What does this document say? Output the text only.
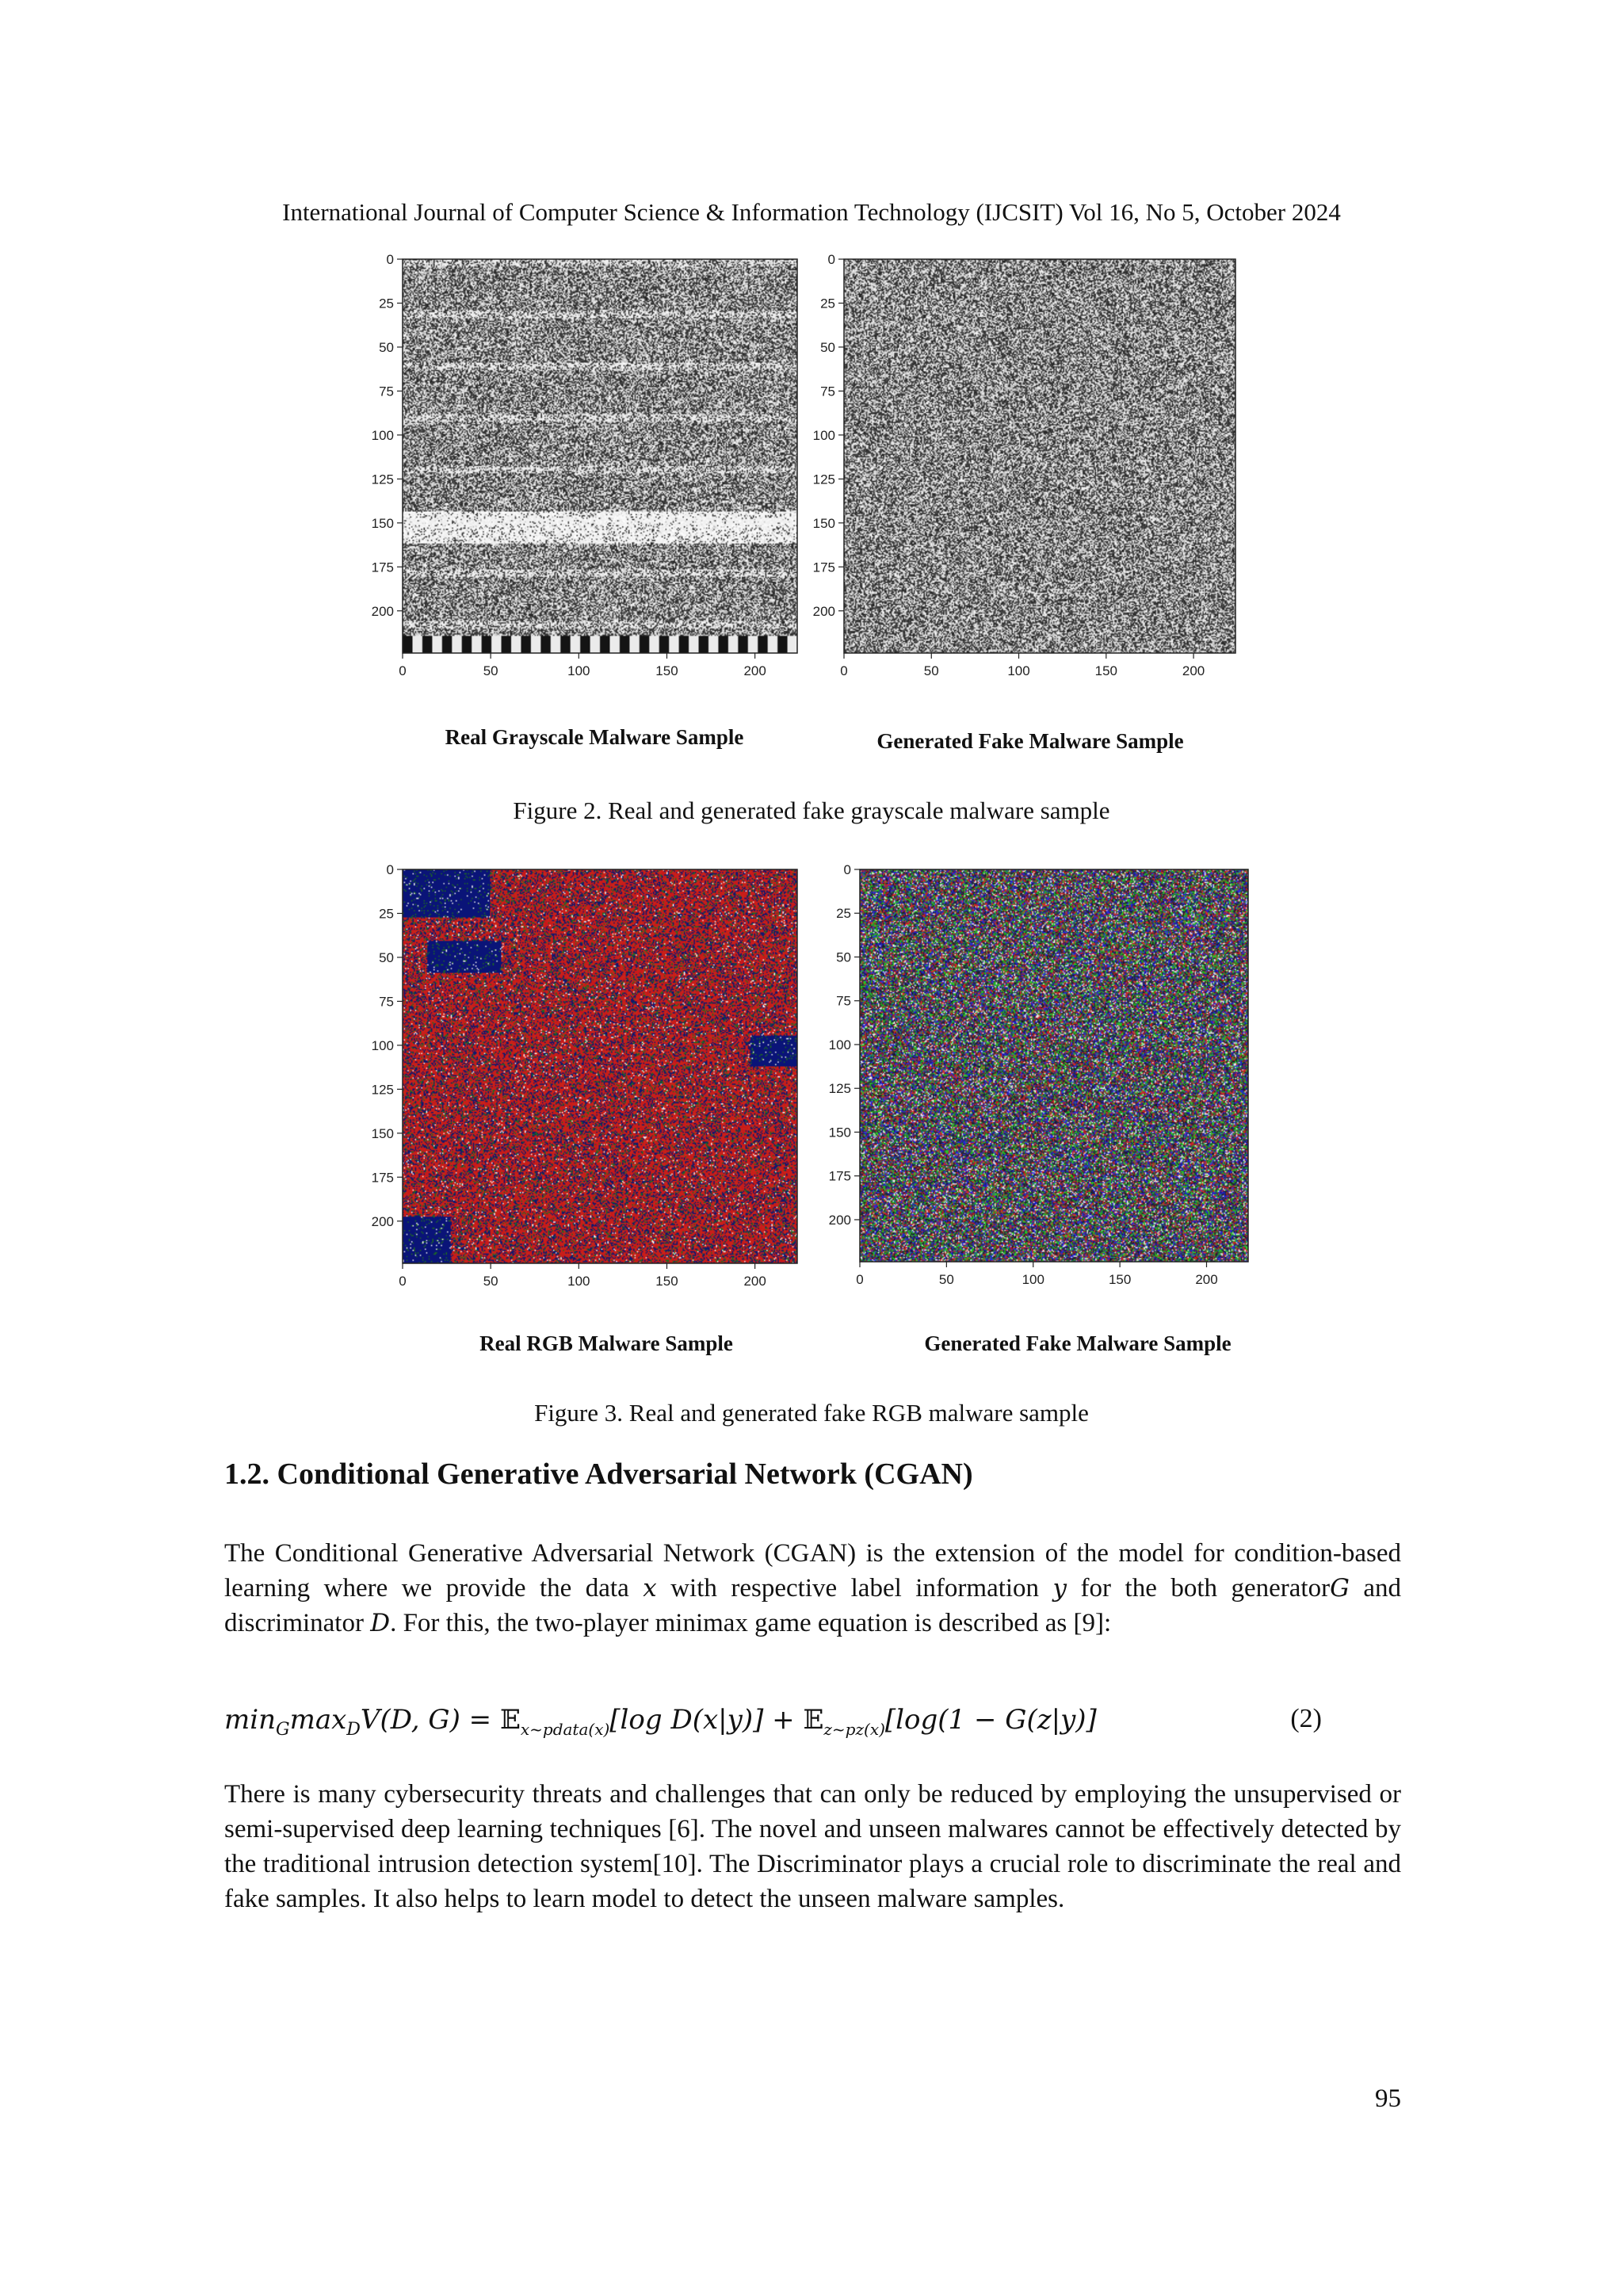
International Journal of Computer Science & Information Technology (IJCSIT) Vol 16, No 5, October 2024
0
25
50
75
100
125
150
175
200
0	50	100	150	200
0
25
50
75
100
125
150
175
200
0	50	100	150	200
Real Grayscale Malware Sample	Generated Fake Malware Sample
Figure 2. Real and generated fake grayscale malware sample
0
25
50
75
100
125
150
175
200
0	50	100	150	200
0
25
50
75
100
125
150
175
200
0	50	100	150	200
Real RGB Malware Sample	Generated Fake Malware Sample
Figure 3. Real and generated fake RGB malware sample
1.2. Conditional Generative Adversarial Network (CGAN)
The Conditional Generative Adversarial Network (CGAN) is the extension of the model for condition-based learning where we provide the data x with respective label information y for the both generatorG and discriminator D. For this, the two-player minimax game equation is described as [9]:
$\min_G\max_DV(D$, G) = 𝔼$_{x\sim pdata(x)}$[log D(x|y)] + 𝔼$_{z\sim pz(x)}$[log(1 − G(z|y)]	(2)
There is many cybersecurity threats and challenges that can only be reduced by employing the unsupervised or semi-supervised deep learning techniques [6]. The novel and unseen malwares cannot be effectively detected by the traditional intrusion detection system[10]. The Discriminator plays a crucial role to discriminate the real and fake samples. It also helps to learn model to detect the unseen malware samples.
95
